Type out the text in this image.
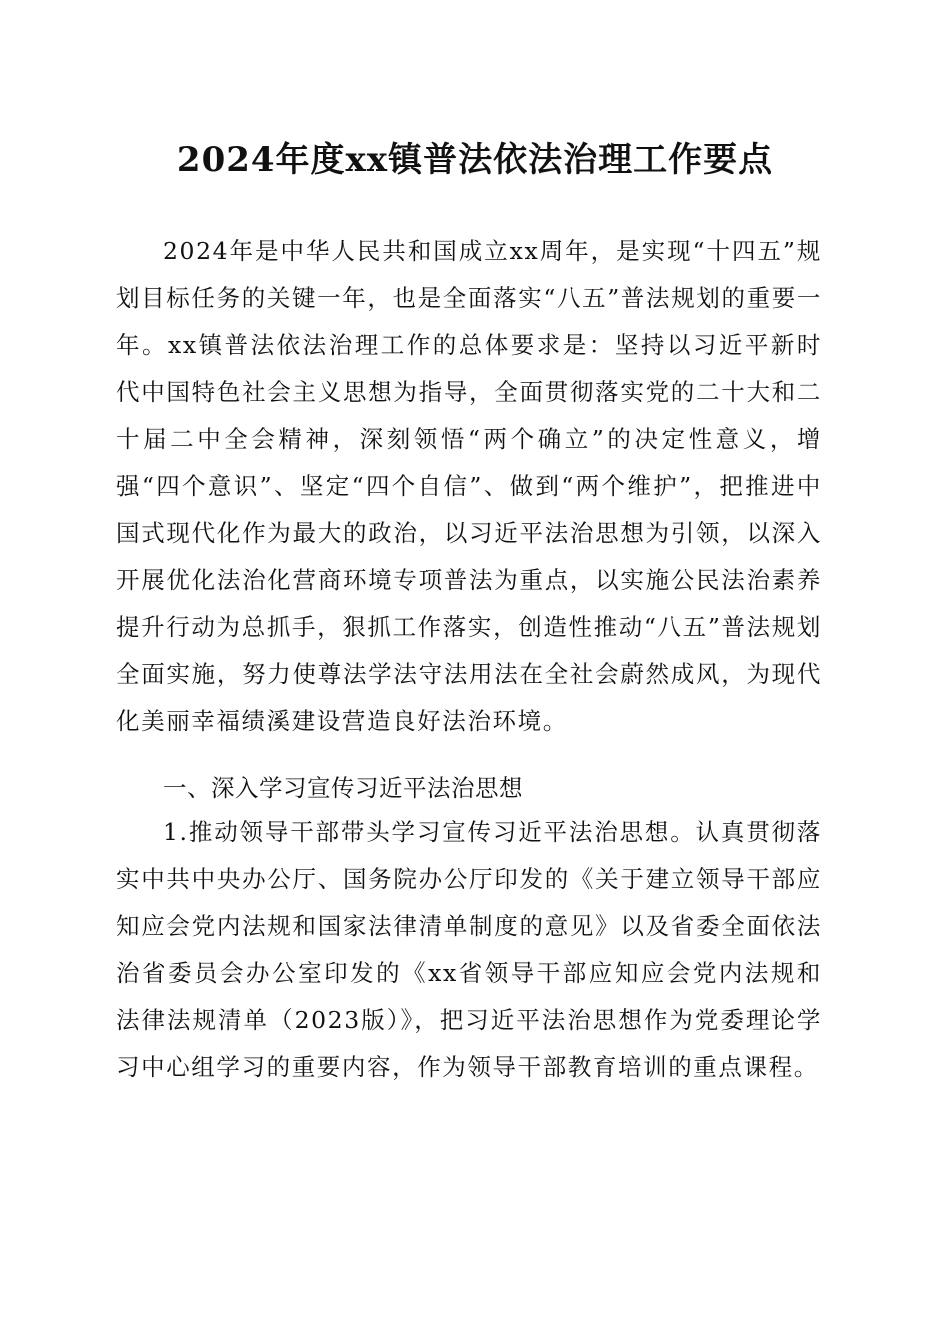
2024年度xx镇普法依法治理工作要点

2024年是中华人民共和国成立xx周年，是实现“十四五”规划目标任务的关键一年，也是全面落实“八五”普法规划的重要一年。xx镇普法依法治理工作的总体要求是：坚持以习近平新时代中国特色社会主义思想为指导，全面贯彻落实党的二十大和二十届二中全会精神，深刻领悟“两个确立”的决定性意义，增强“四个意识”、坚定“四个自信”、做到“两个维护”，把推进中国式现代化作为最大的政治，以习近平法治思想为引领，以深入开展优化法治化营商环境专项普法为重点，以实施公民法治素养提升行动为总抓手，狠抓工作落实，创造性推动“八五”普法规划全面实施，努力使尊法学法守法用法在全社会蔚然成风，为现代化美丽幸福绩溪建设营造良好法治环境。

一、深入学习宣传习近平法治思想

1.推动领导干部带头学习宣传习近平法治思想。认真贯彻落实中共中央办公厅、国务院办公厅印发的《关于建立领导干部应知应会党内法规和国家法律清单制度的意见》以及省委全面依法治省委员会办公室印发的《xx省领导干部应知应会党内法规和法律法规清单（2023版）》，把习近平法治思想作为党委理论学习中心组学习的重要内容，作为领导干部教育培训的重点课程。
